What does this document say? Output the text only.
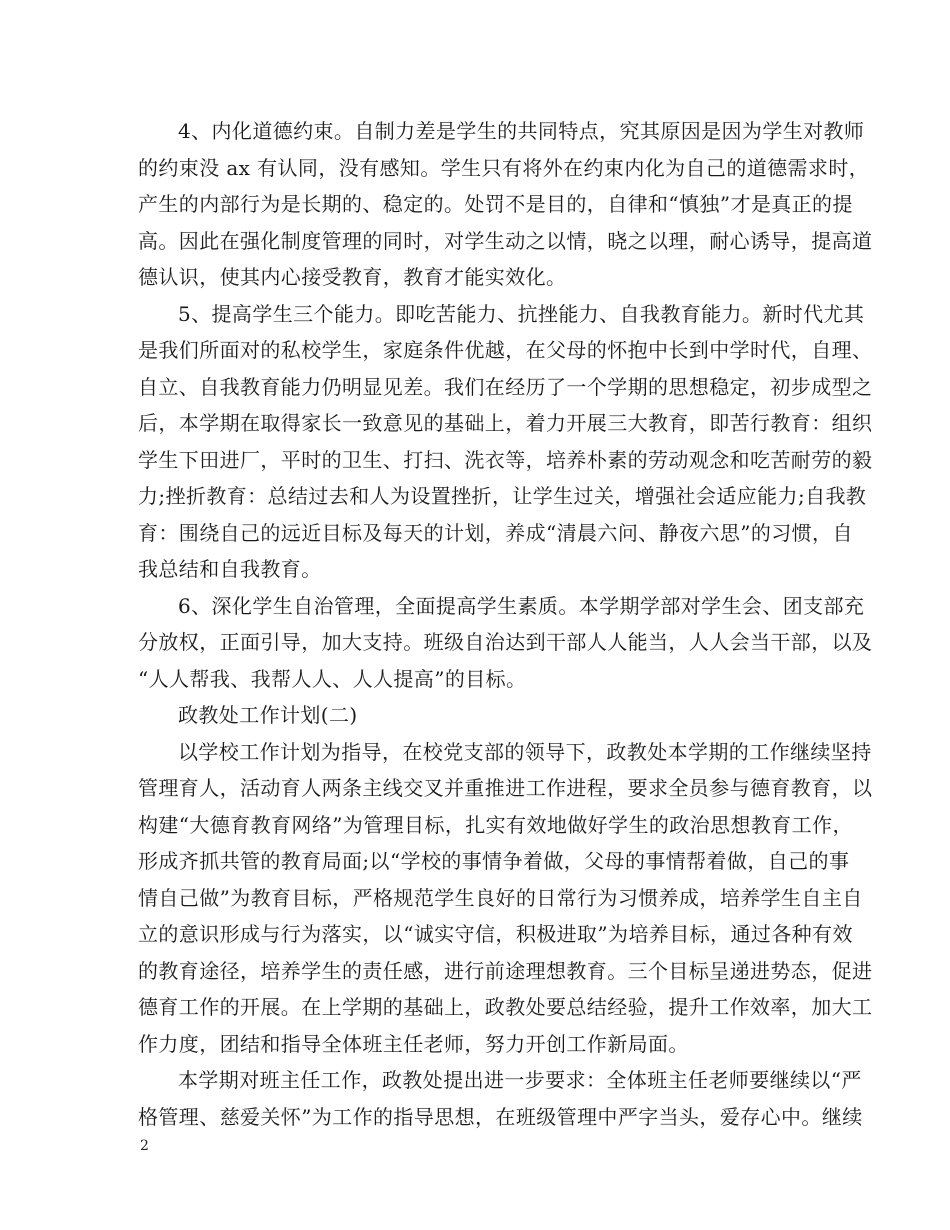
4、内化道德约束。自制力差是学生的共同特点，究其原因是因为学生对教师
的约束没 ax 有认同，没有感知。学生只有将外在约束内化为自己的道德需求时，
产生的内部行为是长期的、稳定的。处罚不是目的，自律和“慎独”才是真正的提
高。因此在强化制度管理的同时，对学生动之以情，晓之以理，耐心诱导，提高道
德认识，使其内心接受教育，教育才能实效化。
5、提高学生三个能力。即吃苦能力、抗挫能力、自我教育能力。新时代尤其
是我们所面对的私校学生，家庭条件优越，在父母的怀抱中长到中学时代，自理、
自立、自我教育能力仍明显见差。我们在经历了一个学期的思想稳定，初步成型之
后，本学期在取得家长一致意见的基础上，着力开展三大教育，即苦行教育：组织
学生下田进厂，平时的卫生、打扫、洗衣等，培养朴素的劳动观念和吃苦耐劳的毅
力;挫折教育：总结过去和人为设置挫折，让学生过关，增强社会适应能力;自我教
育：围绕自己的远近目标及每天的计划，养成“清晨六问、静夜六思”的习惯，自
我总结和自我教育。
6、深化学生自治管理，全面提高学生素质。本学期学部对学生会、团支部充
分放权，正面引导，加大支持。班级自治达到干部人人能当，人人会当干部，以及
“人人帮我、我帮人人、人人提高”的目标。
政教处工作计划(二)
以学校工作计划为指导，在校党支部的领导下，政教处本学期的工作继续坚持
管理育人，活动育人两条主线交叉并重推进工作进程，要求全员参与德育教育，以
构建“大德育教育网络”为管理目标，扎实有效地做好学生的政治思想教育工作，
形成齐抓共管的教育局面;以“学校的事情争着做，父母的事情帮着做，自己的事
情自己做”为教育目标，严格规范学生良好的日常行为习惯养成，培养学生自主自
立的意识形成与行为落实，以“诚实守信，积极进取”为培养目标，通过各种有效
的教育途径，培养学生的责任感，进行前途理想教育。三个目标呈递进势态，促进
德育工作的开展。在上学期的基础上，政教处要总结经验，提升工作效率，加大工
作力度，团结和指导全体班主任老师，努力开创工作新局面。
本学期对班主任工作，政教处提出进一步要求：全体班主任老师要继续以“严
格管理、慈爱关怀”为工作的指导思想，在班级管理中严字当头，爱存心中。继续
2
